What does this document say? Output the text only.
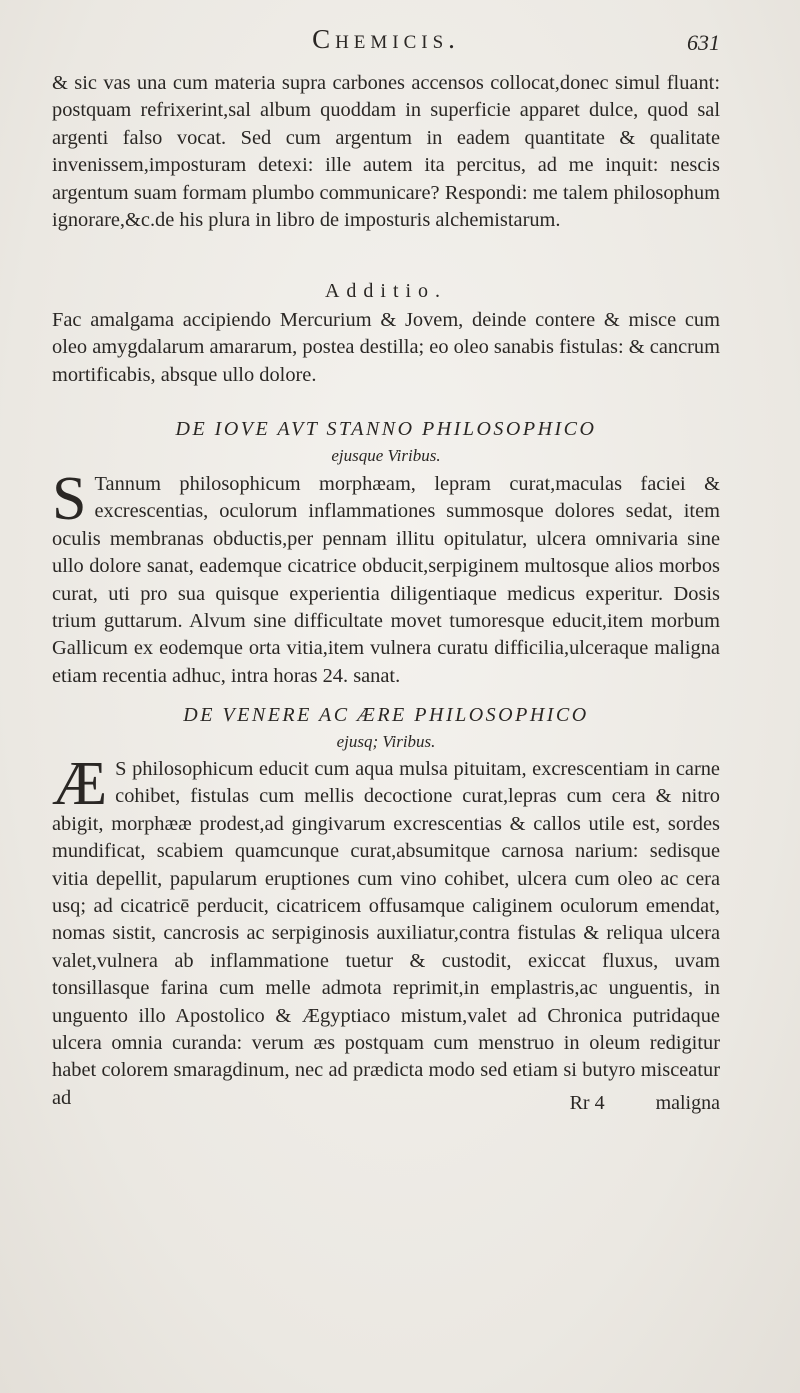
Chemicis.	631

& sic vas una cum materia supra carbones accensos collocat,donec simul fluant: postquam refrixerint,sal album quoddam in superficie apparet dulce, quod sal argenti falso vocat. Sed cum argentum in eadem quantitate & qualitate invenissem,imposturam detexi: ille autem ita percitus, ad me inquit: nescis argentum suam formam plumbo communicare? Respondi: me talem philosophum ignorare,&c.de his plura in libro de imposturis alchemistarum.

Additio.

Fac amalgama accipiendo Mercurium & Jovem, deinde contere & misce cum oleo amygdalarum amararum, postea destilla; eo oleo sanabis fistulas: & cancrum mortificabis, absque ullo dolore.

DE IOVE AVT STANNO PHILOSOPHICO
ejusque Viribus.

S Tannum philosophicum morphæam, lepram curat,maculas faciei & excrescentias, oculorum inflammationes summosque dolores sedat, item oculis membranas obductis,per pennam illitu opitulatur, ulcera omnivaria sine ullo dolore sanat, eademque cicatrice obducit,serpiginem multosque alios morbos curat, uti pro sua quisque experientia diligentiaque medicus experitur. Dosis trium guttarum. Alvum sine difficultate movet tumoresque educit,item morbum Gallicum ex eodemque orta vitia,item vulnera curatu difficilia,ulceraque maligna etiam recentia adhuc, intra horas 24. sanat.

DE VENERE AC ÆRE PHILOSOPHICO
ejusq; Viribus.

Æ S philosophicum educit cum aqua mulsa pituitam, excrescentiam in carne cohibet, fistulas cum mellis decoctione curat,lepras cum cera & nitro abigit, morphææ prodest,ad gingivarum excrescentias & callos utile est, sordes mundificat, scabiem quamcunque curat,absumitque carnosa narium: sedisque vitia depellit, papularum eruptiones cum vino cohibet, ulcera cum oleo ac cera usq; ad cicatricē perducit, cicatricem offusamque caliginem oculorum emendat, nomas sistit, cancrosis ac serpiginosis auxiliatur,contra fistulas & reliqua ulcera valet,vulnera ab inflammatione tuetur & custodit, exiccat fluxus, uvam tonsillasque farina cum melle admota reprimit,in emplastris,ac unguentis, in unguento illo Apostolico & Ægyptiaco mistum,valet ad Chronica putridaque ulcera omnia curanda: verum æs postquam cum menstruo in oleum redigitur habet colorem smaragdinum, nec ad prædicta modo sed etiam si butyro misceatur ad	Rr 4	maligna
